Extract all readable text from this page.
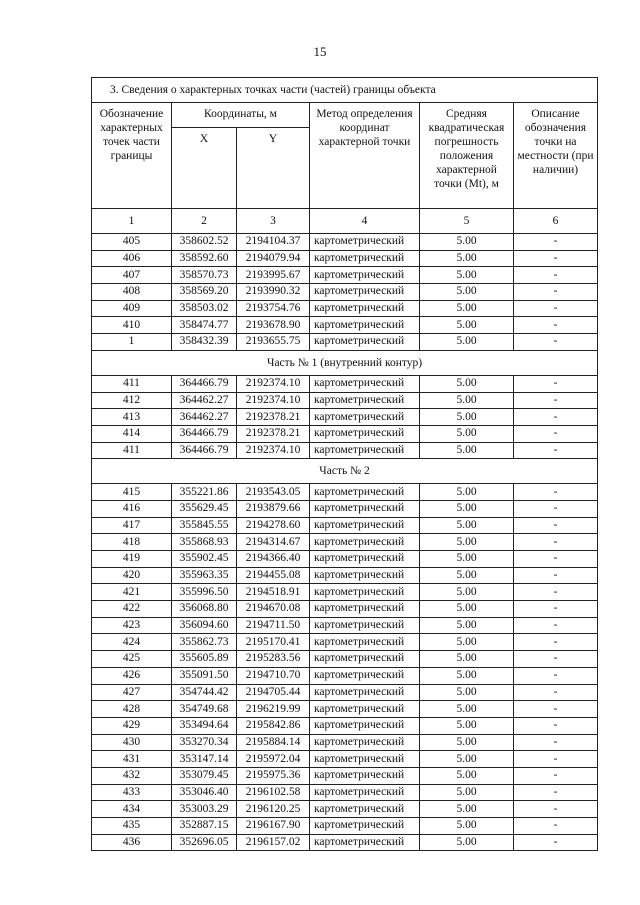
15
3. Сведения о характерных точках части (частей) границы объекта					
Обозначение характерных точек части границы	Координаты, м		Метод определения координат характерной точки	Средняя квадратическая погрешность положения характерной точки (Mt), м	Описание обозначения точки на местности (при наличии)
	X	Y			
1	2	3	4	5	6
405	358602.52	2194104.37	картометрический	5.00	-
406	358592.60	2194079.94	картометрический	5.00	-
407	358570.73	2193995.67	картометрический	5.00	-
408	358569.20	2193990.32	картометрический	5.00	-
409	358503.02	2193754.76	картометрический	5.00	-
410	358474.77	2193678.90	картометрический	5.00	-
1	358432.39	2193655.75	картометрический	5.00	-
Часть № 1 (внутренний контур)					
411	364466.79	2192374.10	картометрический	5.00	-
412	364462.27	2192374.10	картометрический	5.00	-
413	364462.27	2192378.21	картометрический	5.00	-
414	364466.79	2192378.21	картометрический	5.00	-
411	364466.79	2192374.10	картометрический	5.00	-
Часть № 2					
415	355221.86	2193543.05	картометрический	5.00	-
416	355629.45	2193879.66	картометрический	5.00	-
417	355845.55	2194278.60	картометрический	5.00	-
418	355868.93	2194314.67	картометрический	5.00	-
419	355902.45	2194366.40	картометрический	5.00	-
420	355963.35	2194455.08	картометрический	5.00	-
421	355996.50	2194518.91	картометрический	5.00	-
422	356068.80	2194670.08	картометрический	5.00	-
423	356094.60	2194711.50	картометрический	5.00	-
424	355862.73	2195170.41	картометрический	5.00	-
425	355605.89	2195283.56	картометрический	5.00	-
426	355091.50	2194710.70	картометрический	5.00	-
427	354744.42	2194705.44	картометрический	5.00	-
428	354749.68	2196219.99	картометрический	5.00	-
429	353494.64	2195842.86	картометрический	5.00	-
430	353270.34	2195884.14	картометрический	5.00	-
431	353147.14	2195972.04	картометрический	5.00	-
432	353079.45	2195975.36	картометрический	5.00	-
433	353046.40	2196102.58	картометрический	5.00	-
434	353003.29	2196120.25	картометрический	5.00	-
435	352887.15	2196167.90	картометрический	5.00	-
436	352696.05	2196157.02	картометрический	5.00	-
